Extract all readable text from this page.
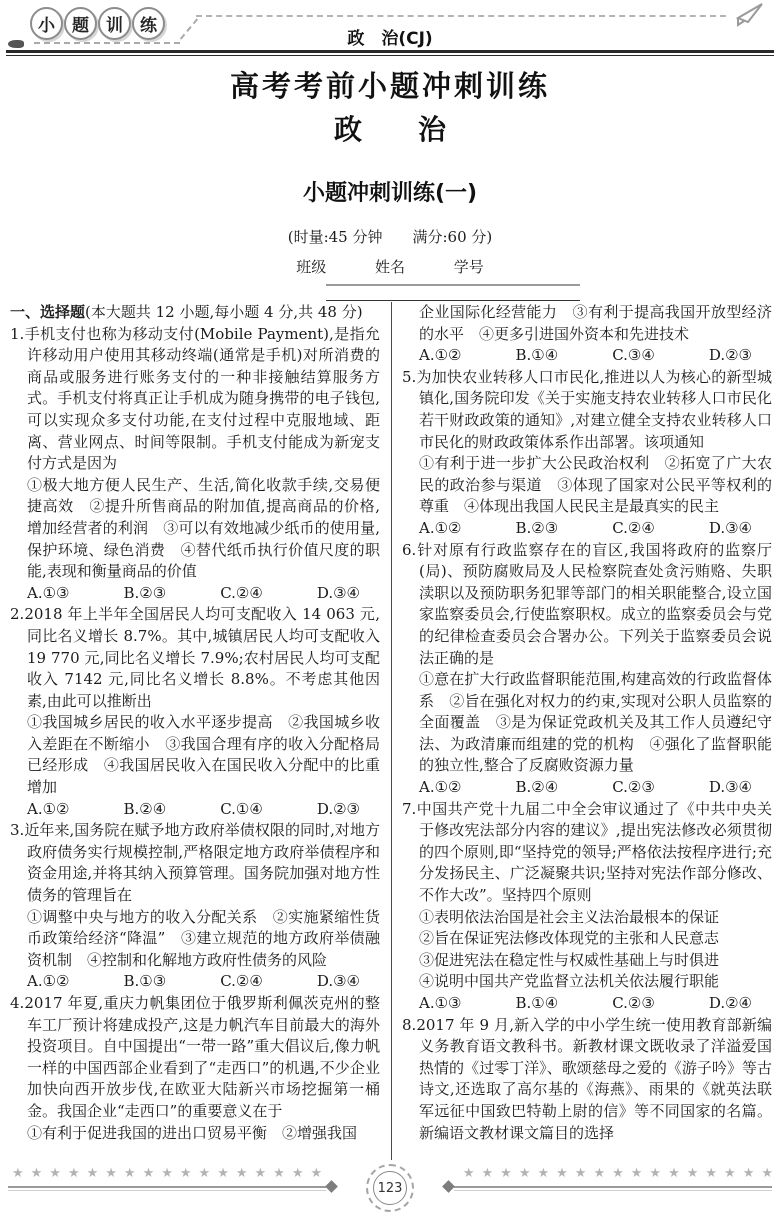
小	题	训	练
政　治(CJ)
高考考前小题冲刺训练
政　　治
小题冲刺训练(一)

(时量:45 分钟　　满分:60 分)

班级	姓名	学号

一、选择题(本大题共 12 小题,每小题 4 分,共 48 分)

1.手机支付也称为移动支付(Mobile Payment),是指允许移动用户使用其移动终端(通常是手机)对所消费的商品或服务进行账务支付的一种非接触结算服务方式。手机支付将真正让手机成为随身携带的电子钱包,可以实现众多支付功能,在支付过程中克服地域、距离、营业网点、时间等限制。手机支付能成为新宠支付方式是因为

①极大地方便人民生产、生活,简化收款手续,交易便捷高效　②提升所售商品的附加值,提高商品的价格,增加经营者的利润　③可以有效地减少纸币的使用量,保护环境、绿色消费　④替代纸币执行价值尺度的职能,表现和衡量商品的价值

A.①③	B.②③	C.②④	D.③④

2.2018 年上半年全国居民人均可支配收入 14 063 元,同比名义增长 8.7%。其中,城镇居民人均可支配收入 19 770 元,同比名义增长 7.9%;农村居民人均可支配收入 7142 元,同比名义增长 8.8%。不考虑其他因素,由此可以推断出

①我国城乡居民的收入水平逐步提高　②我国城乡收入差距在不断缩小　③我国合理有序的收入分配格局已经形成　④我国居民收入在国民收入分配中的比重增加

A.①②	B.②④	C.①④	D.②③

3.近年来,国务院在赋予地方政府举债权限的同时,对地方政府债务实行规模控制,严格限定地方政府举债程序和资金用途,并将其纳入预算管理。国务院加强对地方性债务的管理旨在

①调整中央与地方的收入分配关系　②实施紧缩性货币政策给经济“降温”　③建立规范的地方政府举债融资机制　④控制和化解地方政府性债务的风险

A.①②	B.①③	C.②④	D.③④

4.2017 年夏,重庆力帆集团位于俄罗斯利佩茨克州的整车工厂预计将建成投产,这是力帆汽车目前最大的海外投资项目。自中国提出“一带一路”重大倡议后,像力帆一样的中国西部企业看到了“走西口”的机遇,不少企业加快向西开放步伐,在欧亚大陆新兴市场挖掘第一桶金。我国企业“走西口”的重要意义在于

①有利于促进我国的进出口贸易平衡　②增强我国

企业国际化经营能力　③有利于提高我国开放型经济的水平　④更多引进国外资本和先进技术

A.①②	B.①④	C.③④	D.②③

5.为加快农业转移人口市民化,推进以人为核心的新型城镇化,国务院印发《关于实施支持农业转移人口市民化若干财政政策的通知》,对建立健全支持农业转移人口市民化的财政政策体系作出部署。该项通知

①有利于进一步扩大公民政治权利　②拓宽了广大农民的政治参与渠道　③体现了国家对公民平等权利的尊重　④体现出我国人民民主是最真实的民主

A.①②	B.②③	C.②④	D.③④

6.针对原有行政监察存在的盲区,我国将政府的监察厅(局)、预防腐败局及人民检察院查处贪污贿赂、失职渎职以及预防职务犯罪等部门的相关职能整合,设立国家监察委员会,行使监察职权。成立的监察委员会与党的纪律检查委员会合署办公。下列关于监察委员会说法正确的是

①意在扩大行政监督职能范围,构建高效的行政监督体系　②旨在强化对权力的约束,实现对公职人员监察的全面覆盖　③是为保证党政机关及其工作人员遵纪守法、为政清廉而组建的党的机构　④强化了监督职能的独立性,整合了反腐败资源力量

A.①②	B.②④	C.②③	D.③④

7.中国共产党十九届二中全会审议通过了《中共中央关于修改宪法部分内容的建议》,提出宪法修改必须贯彻的四个原则,即“坚持党的领导;严格依法按程序进行;充分发扬民主、广泛凝聚共识;坚持对宪法作部分修改、不作大改”。坚持四个原则

①表明依法治国是社会主义法治最根本的保证

②旨在保证宪法修改体现党的主张和人民意志

③促进宪法在稳定性与权威性基础上与时俱进

④说明中国共产党监督立法机关依法履行职能

A.①③	B.①④	C.②③	D.②④

8.2017 年 9 月,新入学的中小学生统一使用教育部新编义务教育语文教科书。新教材课文既收录了洋溢爱国热情的《过零丁洋》、歌颂慈母之爱的《游子吟》等古诗文,还选取了高尔基的《海燕》、雨果的《就英法联军远征中国致巴特勒上尉的信》等不同国家的名篇。新编语文教材课文篇目的选择

★★★★★★★★★★★★★★★★★	★★★★★★★★★★★★★★★★★
123
